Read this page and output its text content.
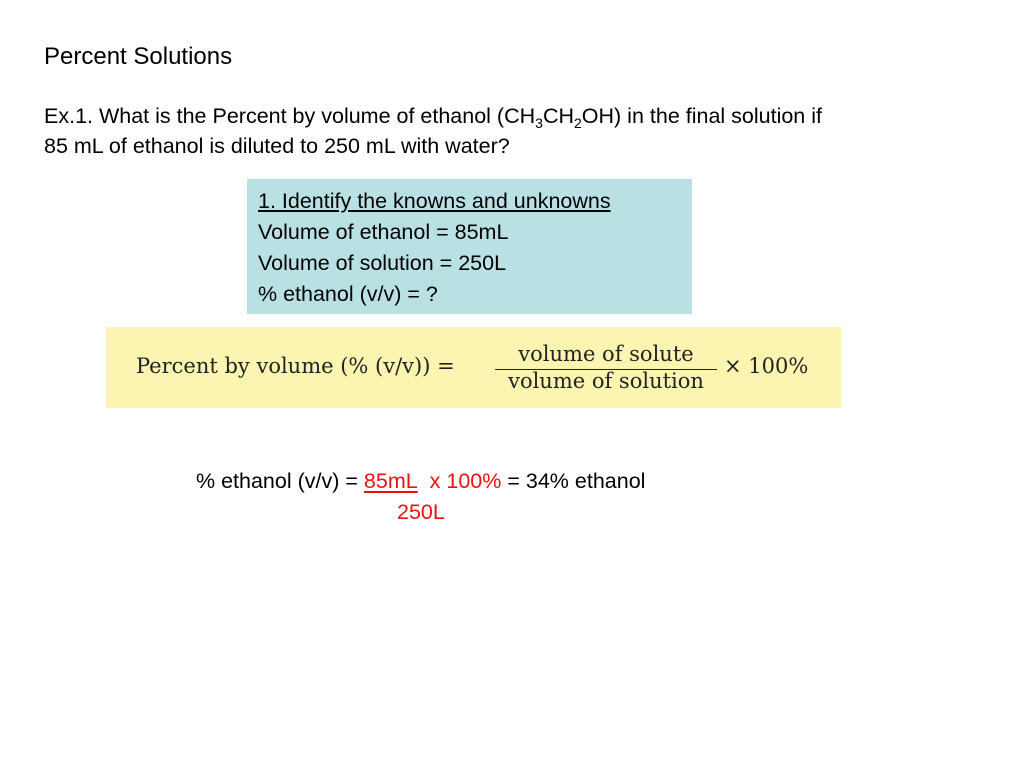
Percent Solutions
Ex.1. What is the Percent by volume of ethanol $(CH_3CH_2OH)$ in the final solution if
85 mL of ethanol is diluted to 250 mL with water?
1. Identify the knowns and unknowns
Volume of ethanol = 85mL
Volume of solution = 250L
% ethanol (v/v) = ?
Percent by volume (% (v/v)) =	volume of solute
volume of solution
× 100%
% ethanol (v/v) = 85mL x 100% = 34% ethanol
250L
